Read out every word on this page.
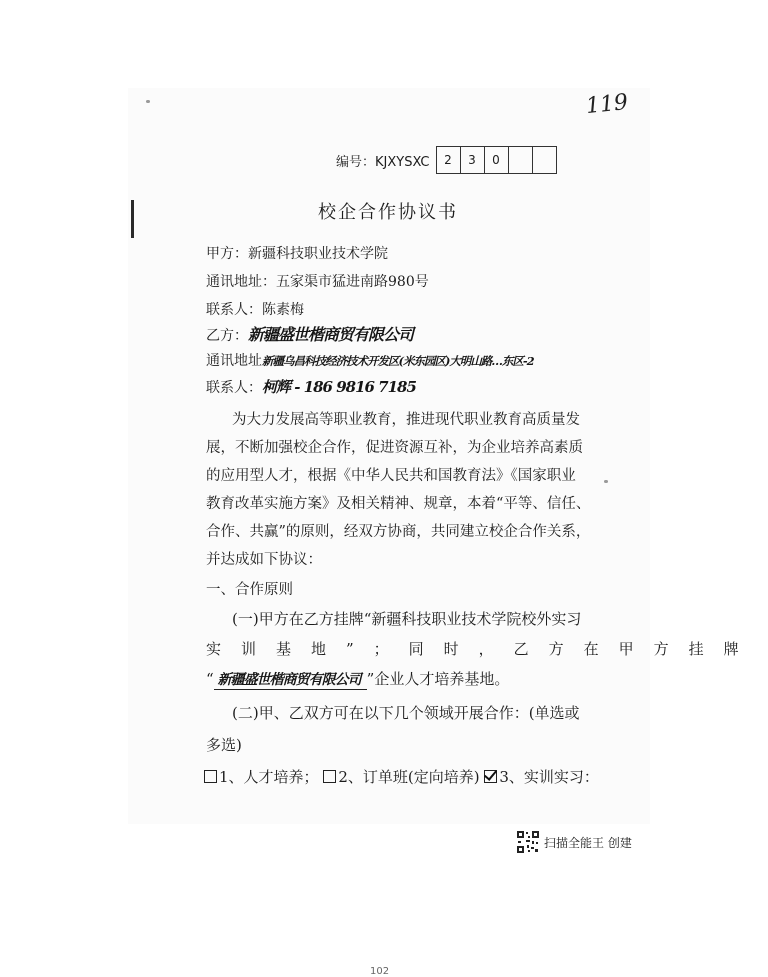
119
编号：KJXYSXC	2	3	0
校企合作协议书
甲方：新疆科技职业技术学院
通讯地址：五家渠市猛进南路980号
联系人：陈素梅
乙方：新疆盛世楷商贸有限公司
通讯地址新疆乌昌科技经济技术开发区(米东园区)大明山路…东区-2
联系人：柯辉 - 186 9816 7185
为大力发展高等职业教育，推进现代职业教育高质量发
展，不断加强校企合作，促进资源互补，为企业培养高素质
的应用型人才，根据《中华人民共和国教育法》《国家职业
教育改革实施方案》及相关精神、规章，本着“平等、信任、
合作、共赢”的原则，经双方协商，共同建立校企合作关系，
并达成如下协议：
一、合作原则
(一)甲方在乙方挂牌“新疆科技职业技术学院校外实习
实训基地”；同时，乙方在甲方挂牌
“ 新疆盛世楷商贸有限公司 ”企业人才培养基地。
(二)甲、乙双方可在以下几个领域开展合作：(单选或
多选)
1、人才培养； 2、订单班(定向培养) 3、实训实习：
扫描全能王 创建
102
